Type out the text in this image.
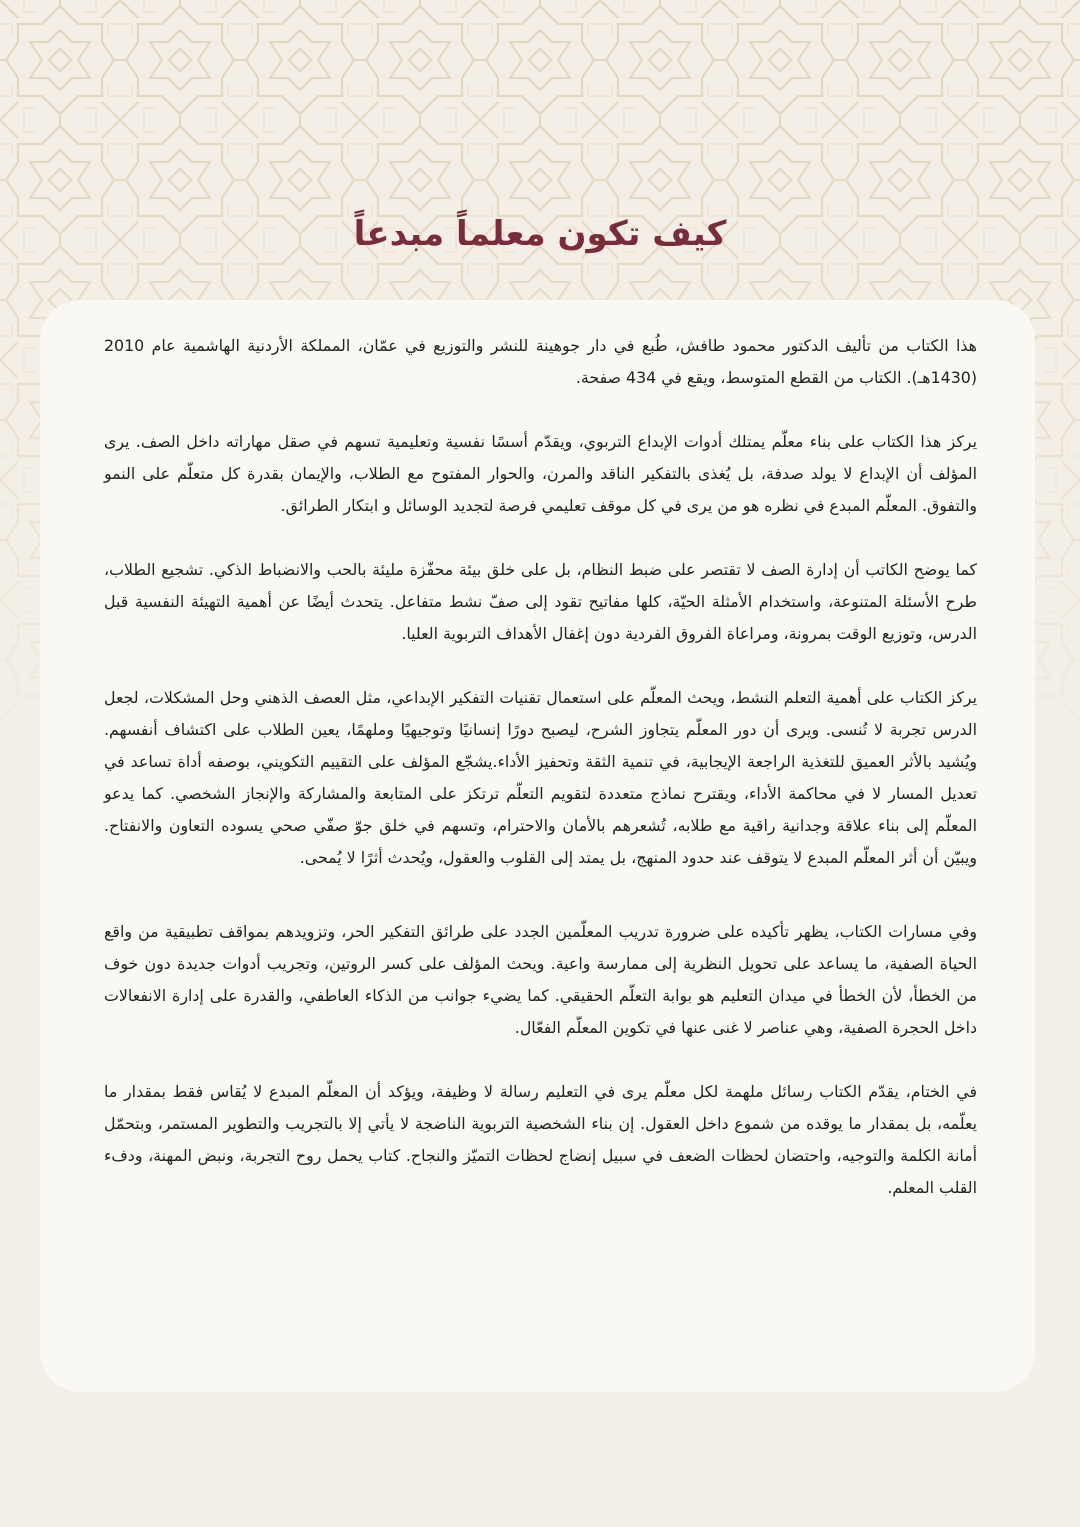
كيف تكون معلماً مبدعاً

هذا الكتاب من تأليف الدكتور محمود طافش، طُبع في دار جوهينة للنشر والتوزيع في عمّان، المملكة الأردنية الهاشمية عام 2010 (1430هـ). الكتاب من القطع المتوسط، ويقع في 434 صفحة.

يركز هذا الكتاب على بناء معلّم يمتلك أدوات الإبداع التربوي، ويقدّم أسسًا نفسية وتعليمية تسهم في صقل مهاراته داخل الصف. يرى المؤلف أن الإبداع لا يولد صدفة، بل يُغذى بالتفكير الناقد والمرن، والحوار المفتوح مع الطلاب، والإيمان بقدرة كل متعلّم على النمو والتفوق. المعلّم المبدع في نظره هو من يرى في كل موقف تعليمي فرصة لتجديد الوسائل و ابتكار الطرائق.

كما يوضح الكاتب أن إدارة الصف لا تقتصر على ضبط النظام، بل على خلق بيئة محفّزة مليئة بالحب والانضباط الذكي. تشجيع الطلاب، طرح الأسئلة المتنوعة، واستخدام الأمثلة الحيّة، كلها مفاتيح تقود إلى صفّ نشط متفاعل. يتحدث أيضًا عن أهمية التهيئة النفسية قبل الدرس، وتوزيع الوقت بمرونة، ومراعاة الفروق الفردية دون إغفال الأهداف التربوية العليا.

يركز الكتاب على أهمية التعلم النشط، ويحث المعلّم على استعمال تقنيات التفكير الإبداعي، مثل العصف الذهني وحل المشكلات، لجعل الدرس تجربة لا تُنسى. ويرى أن دور المعلّم يتجاوز الشرح، ليصبح دورًا إنسانيًا وتوجيهيًا وملهمًا، يعين الطلاب على اكتشاف أنفسهم. ويُشيد بالأثر العميق للتغذية الراجعة الإيجابية، في تنمية الثقة وتحفيز الأداء.يشجّع المؤلف على التقييم التكويني، بوصفه أداة تساعد في تعديل المسار لا في محاكمة الأداء، ويقترح نماذج متعددة لتقويم التعلّم ترتكز على المتابعة والمشاركة والإنجاز الشخصي. كما يدعو المعلّم إلى بناء علاقة وجدانية راقية مع طلابه، تُشعرهم بالأمان والاحترام، وتسهم في خلق جوّ صفّي صحي يسوده التعاون والانفتاح. ويبيّن أن أثر المعلّم المبدع لا يتوقف عند حدود المنهج، بل يمتد إلى القلوب والعقول، ويُحدث أثرًا لا يُمحى.

وفي مسارات الكتاب، يظهر تأكيده على ضرورة تدريب المعلّمين الجدد على طرائق التفكير الحر، وتزويدهم بمواقف تطبيقية من واقع الحياة الصفية، ما يساعد على تحويل النظرية إلى ممارسة واعية. ويحث المؤلف على كسر الروتين، وتجريب أدوات جديدة دون خوف من الخطأ، لأن الخطأ في ميدان التعليم هو بوابة التعلّم الحقيقي. كما يضيء جوانب من الذكاء العاطفي، والقدرة على إدارة الانفعالات داخل الحجرة الصفية، وهي عناصر لا غنى عنها في تكوين المعلّم الفعّال.

في الختام، يقدّم الكتاب رسائل ملهمة لكل معلّم يرى في التعليم رسالة لا وظيفة، ويؤكد أن المعلّم المبدع لا يُقاس فقط بمقدار ما يعلّمه، بل بمقدار ما يوقده من شموع داخل العقول. إن بناء الشخصية التربوية الناضجة لا يأتي إلا بالتجريب والتطوير المستمر، وبتحمّل أمانة الكلمة والتوجيه، واحتضان لحظات الضعف في سبيل إنضاج لحظات التميّز والنجاح. كتاب يحمل روح التجربة، ونبض المهنة، ودفء القلب المعلم.
